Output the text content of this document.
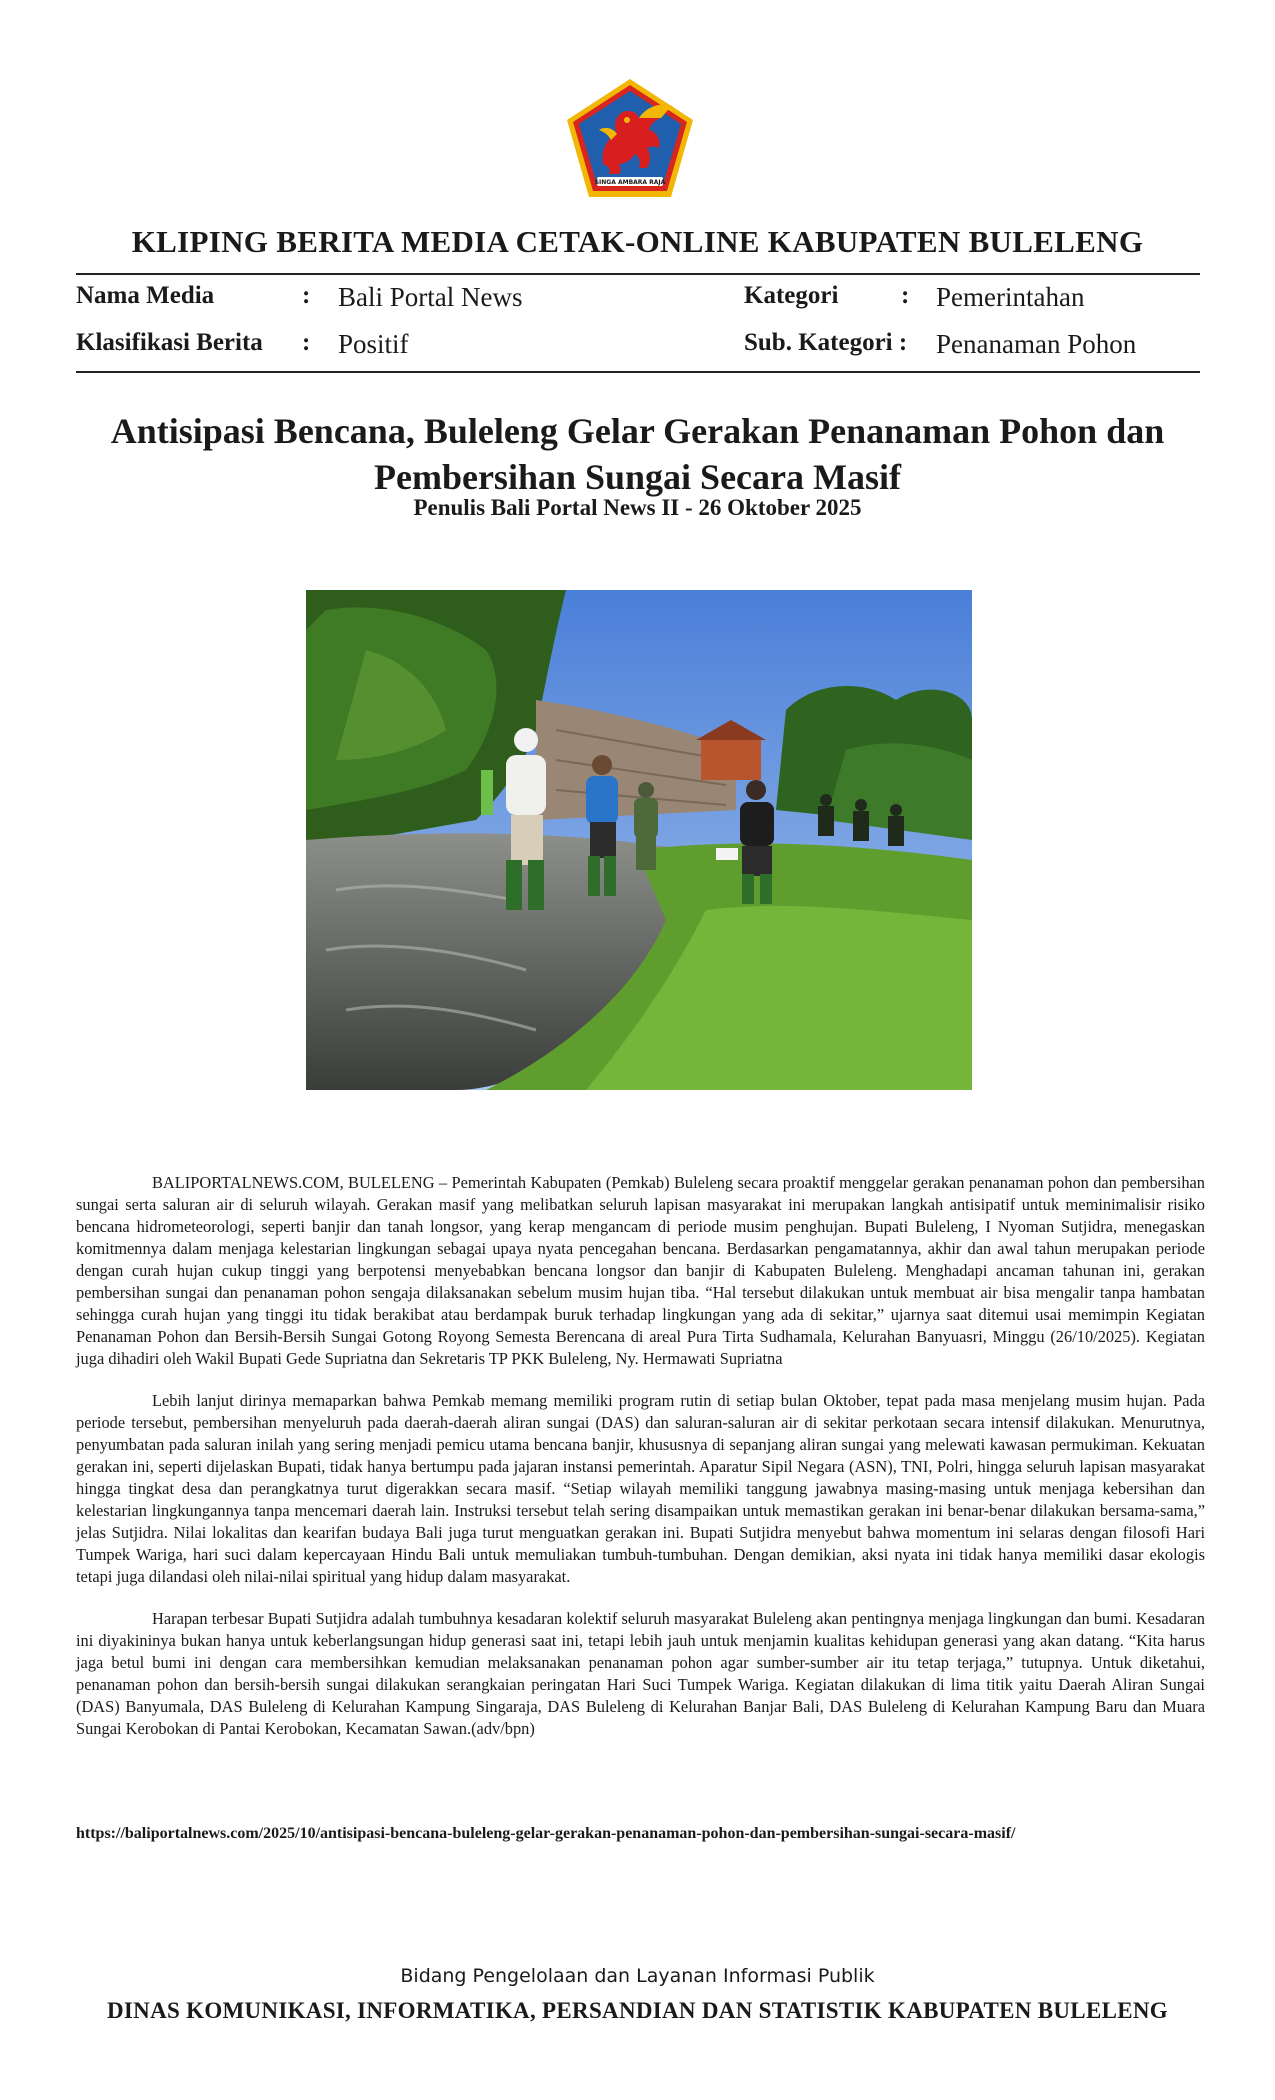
SINGA AMBARA RAJA
KLIPING BERITA MEDIA CETAK-ONLINE KABUPATEN BULELENG
Nama Media	: Bali Portal News	Kategori	: Pemerintahan
Klasifikasi Berita : Positif	Sub. Kategori : Penanaman Pohon
Antisipasi Bencana, Buleleng Gelar Gerakan Penanaman Pohon dan Pembersihan Sungai Secara Masif
Penulis Bali Portal News II - 26 Oktober 2025

BALIPORTALNEWS.COM, BULELENG – Pemerintah Kabupaten (Pemkab) Buleleng secara proaktif menggelar gerakan penanaman pohon dan pembersihan sungai serta saluran air di seluruh wilayah. Gerakan masif yang melibatkan seluruh lapisan masyarakat ini merupakan langkah antisipatif untuk meminimalisir risiko bencana hidrometeorologi, seperti banjir dan tanah longsor, yang kerap mengancam di periode musim penghujan. Bupati Buleleng, I Nyoman Sutjidra, menegaskan komitmennya dalam menjaga kelestarian lingkungan sebagai upaya nyata pencegahan bencana. Berdasarkan pengamatannya, akhir dan awal tahun merupakan periode dengan curah hujan cukup tinggi yang berpotensi menyebabkan bencana longsor dan banjir di Kabupaten Buleleng. Menghadapi ancaman tahunan ini, gerakan pembersihan sungai dan penanaman pohon sengaja dilaksanakan sebelum musim hujan tiba. “Hal tersebut dilakukan untuk membuat air bisa mengalir tanpa hambatan sehingga curah hujan yang tinggi itu tidak berakibat atau berdampak buruk terhadap lingkungan yang ada di sekitar,” ujarnya saat ditemui usai memimpin Kegiatan Penanaman Pohon dan Bersih-Bersih Sungai Gotong Royong Semesta Berencana di areal Pura Tirta Sudhamala, Kelurahan Banyuasri, Minggu (26/10/2025). Kegiatan juga dihadiri oleh Wakil Bupati Gede Supriatna dan Sekretaris TP PKK Buleleng, Ny. Hermawati Supriatna

Lebih lanjut dirinya memaparkan bahwa Pemkab memang memiliki program rutin di setiap bulan Oktober, tepat pada masa menjelang musim hujan. Pada periode tersebut, pembersihan menyeluruh pada daerah-daerah aliran sungai (DAS) dan saluran-saluran air di sekitar perkotaan secara intensif dilakukan. Menurutnya, penyumbatan pada saluran inilah yang sering menjadi pemicu utama bencana banjir, khususnya di sepanjang aliran sungai yang melewati kawasan permukiman. Kekuatan gerakan ini, seperti dijelaskan Bupati, tidak hanya bertumpu pada jajaran instansi pemerintah. Aparatur Sipil Negara (ASN), TNI, Polri, hingga seluruh lapisan masyarakat hingga tingkat desa dan perangkatnya turut digerakkan secara masif. “Setiap wilayah memiliki tanggung jawabnya masing-masing untuk menjaga kebersihan dan kelestarian lingkungannya tanpa mencemari daerah lain. Instruksi tersebut telah sering disampaikan untuk memastikan gerakan ini benar-benar dilakukan bersama-sama,” jelas Sutjidra. Nilai lokalitas dan kearifan budaya Bali juga turut menguatkan gerakan ini. Bupati Sutjidra menyebut bahwa momentum ini selaras dengan filosofi Hari Tumpek Wariga, hari suci dalam kepercayaan Hindu Bali untuk memuliakan tumbuh-tumbuhan. Dengan demikian, aksi nyata ini tidak hanya memiliki dasar ekologis tetapi juga dilandasi oleh nilai-nilai spiritual yang hidup dalam masyarakat.

Harapan terbesar Bupati Sutjidra adalah tumbuhnya kesadaran kolektif seluruh masyarakat Buleleng akan pentingnya menjaga lingkungan dan bumi. Kesadaran ini diyakininya bukan hanya untuk keberlangsungan hidup generasi saat ini, tetapi lebih jauh untuk menjamin kualitas kehidupan generasi yang akan datang. “Kita harus jaga betul bumi ini dengan cara membersihkan kemudian melaksanakan penanaman pohon agar sumber-sumber air itu tetap terjaga,” tutupnya. Untuk diketahui, penanaman pohon dan bersih-bersih sungai dilakukan serangkaian peringatan Hari Suci Tumpek Wariga. Kegiatan dilakukan di lima titik yaitu Daerah Aliran Sungai (DAS) Banyumala, DAS Buleleng di Kelurahan Kampung Singaraja, DAS Buleleng di Kelurahan Banjar Bali, DAS Buleleng di Kelurahan Kampung Baru dan Muara Sungai Kerobokan di Pantai Kerobokan, Kecamatan Sawan.(adv/bpn)

https://baliportalnews.com/2025/10/antisipasi-bencana-buleleng-gelar-gerakan-penanaman-pohon-dan-pembersihan-sungai-secara-masif/
Bidang Pengelolaan dan Layanan Informasi Publik
DINAS KOMUNIKASI, INFORMATIKA, PERSANDIAN DAN STATISTIK KABUPATEN BULELENG
